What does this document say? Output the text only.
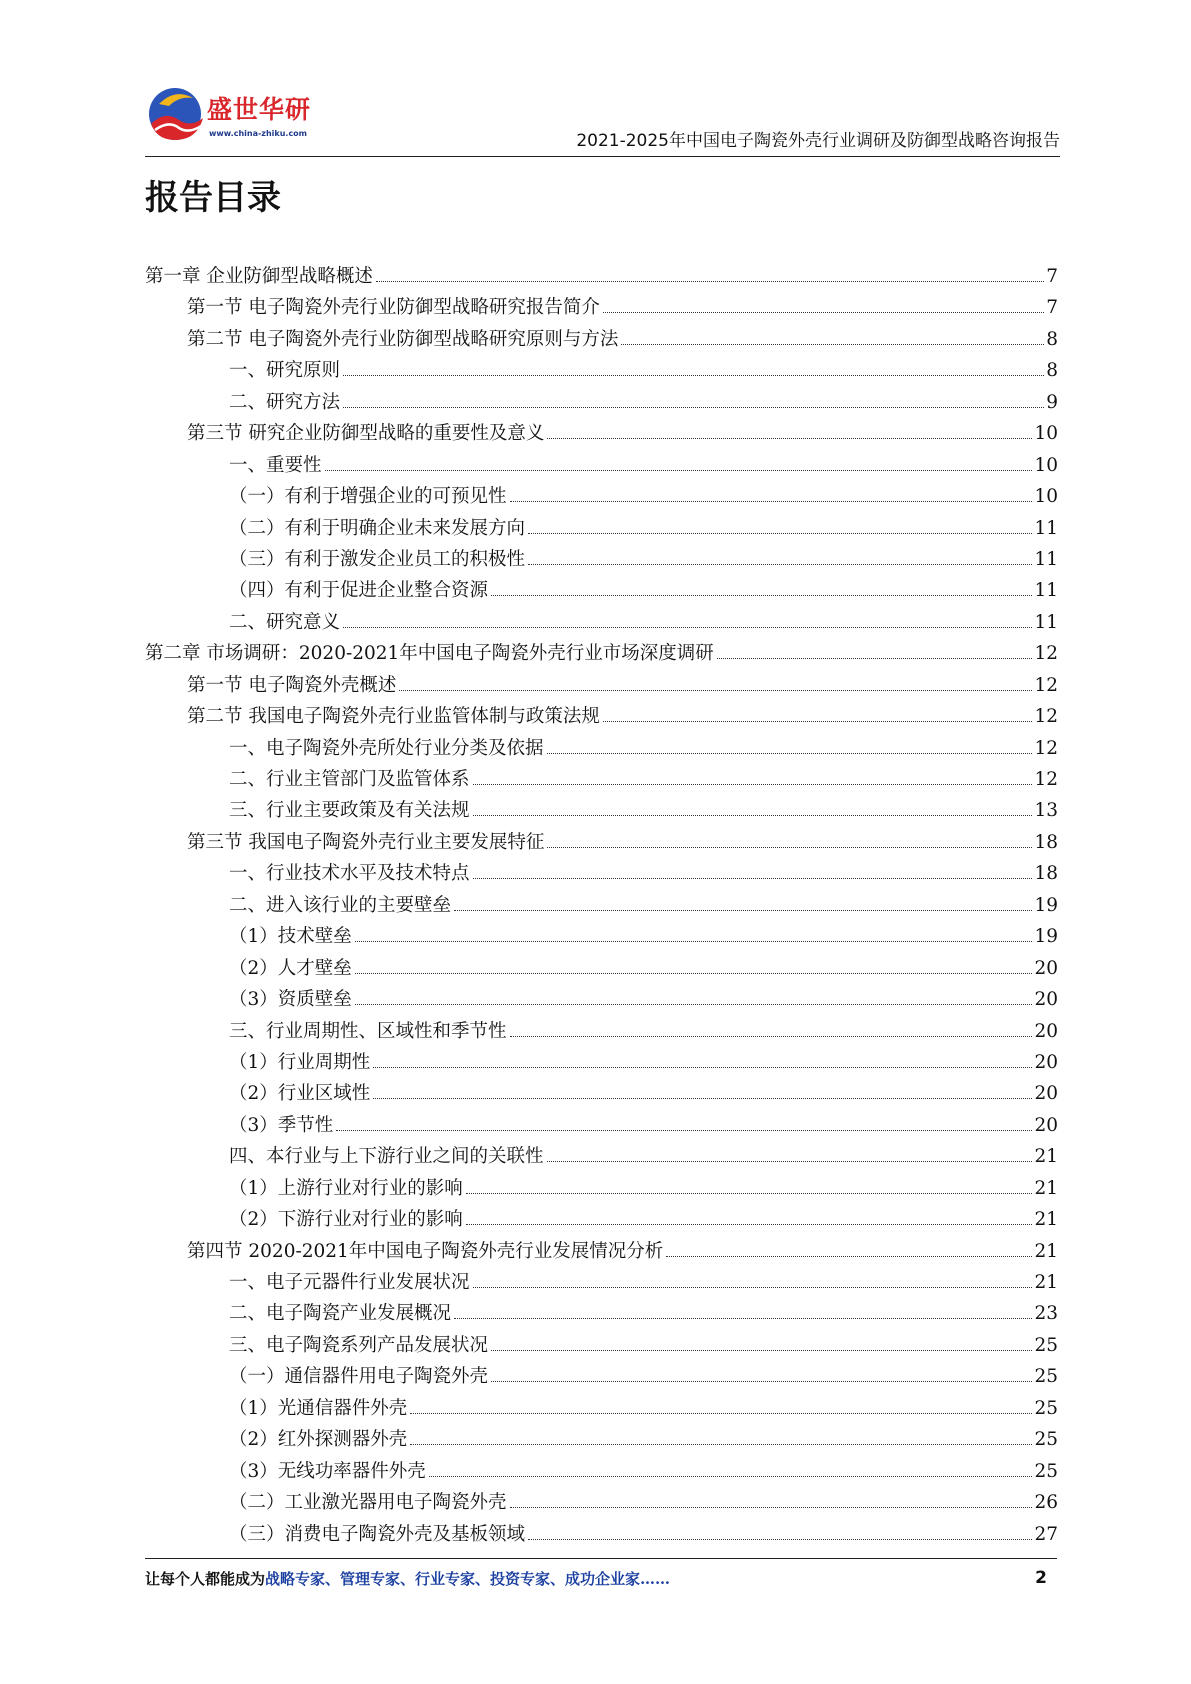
盛世华研
www.china-zhiku.com	2021-2025年中国电子陶瓷外壳行业调研及防御型战略咨询报告
报告目录
第一章 企业防御型战略概述	7
第一节 电子陶瓷外壳行业防御型战略研究报告简介	7
第二节 电子陶瓷外壳行业防御型战略研究原则与方法	8
一、研究原则	8
二、研究方法	9
第三节 研究企业防御型战略的重要性及意义	10
一、重要性	10
（一）有利于增强企业的可预见性	10
（二）有利于明确企业未来发展方向	11
（三）有利于激发企业员工的积极性	11
（四）有利于促进企业整合资源	11
二、研究意义	11
第二章 市场调研：2020-2021年中国电子陶瓷外壳行业市场深度调研	12
第一节 电子陶瓷外壳概述	12
第二节 我国电子陶瓷外壳行业监管体制与政策法规	12
一、电子陶瓷外壳所处行业分类及依据	12
二、行业主管部门及监管体系	12
三、行业主要政策及有关法规	13
第三节 我国电子陶瓷外壳行业主要发展特征	18
一、行业技术水平及技术特点	18
二、进入该行业的主要壁垒	19
（1）技术壁垒	19
（2）人才壁垒	20
（3）资质壁垒	20
三、行业周期性、区域性和季节性	20
（1）行业周期性	20
（2）行业区域性	20
（3）季节性	20
四、本行业与上下游行业之间的关联性	21
（1）上游行业对行业的影响	21
（2）下游行业对行业的影响	21
第四节 2020-2021年中国电子陶瓷外壳行业发展情况分析	21
一、电子元器件行业发展状况	21
二、电子陶瓷产业发展概况	23
三、电子陶瓷系列产品发展状况	25
（一）通信器件用电子陶瓷外壳	25
（1）光通信器件外壳	25
（2）红外探测器外壳	25
（3）无线功率器件外壳	25
（二）工业激光器用电子陶瓷外壳	26
（三）消费电子陶瓷外壳及基板领域	27
让每个人都能成为战略专家、管理专家、行业专家、投资专家、成功企业家……	2
